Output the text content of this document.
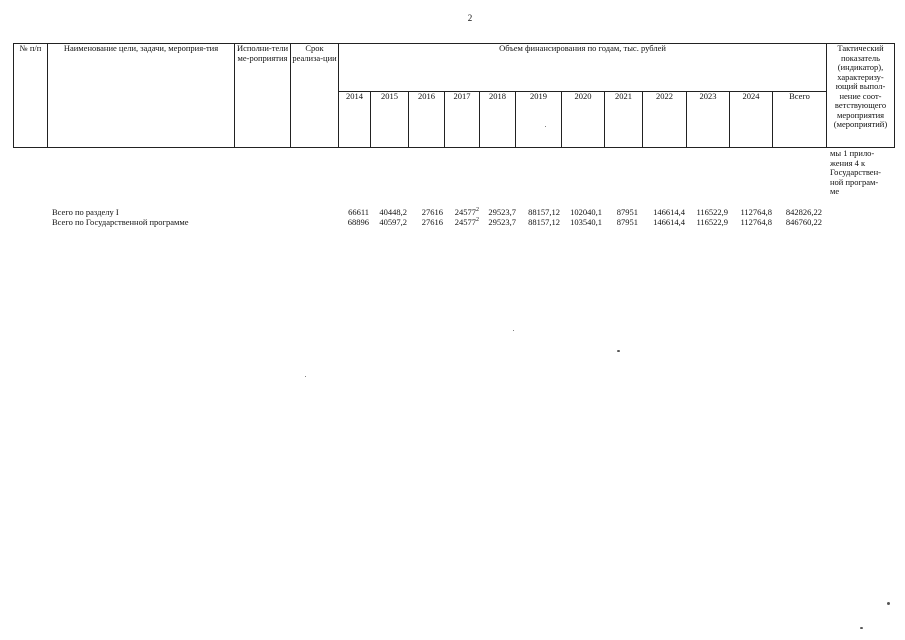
2
№ п/п	Наименование цели, задачи, мероприя-тия	Исполни-тели ме-роприятия	Срок реализа-ции	Объем финансирования по годам, тыс. рублей												Тактический показатель (индикатор), характеризу-ющий выпол-нение соот-ветствующего мероприятия (мероприятий)
				2014	2015	2016	2017	2018	2019	2020	2021	2022	2023	2024	Всего	
мы 1 прило-
жения 4 к
Государствен-
ной програм-
ме
Всего по разделу I	66611	40448,2	27616	24577$^2$	29523,7	88157,12	102040,1	87951	146614,4	116522,9	112764,8	842826,22
Всего по Государственной программе	68896	40597,2	27616	24577$^2$	29523,7	88157,12	103540,1	87951	146614,4	116522,9	112764,8	846760,22
